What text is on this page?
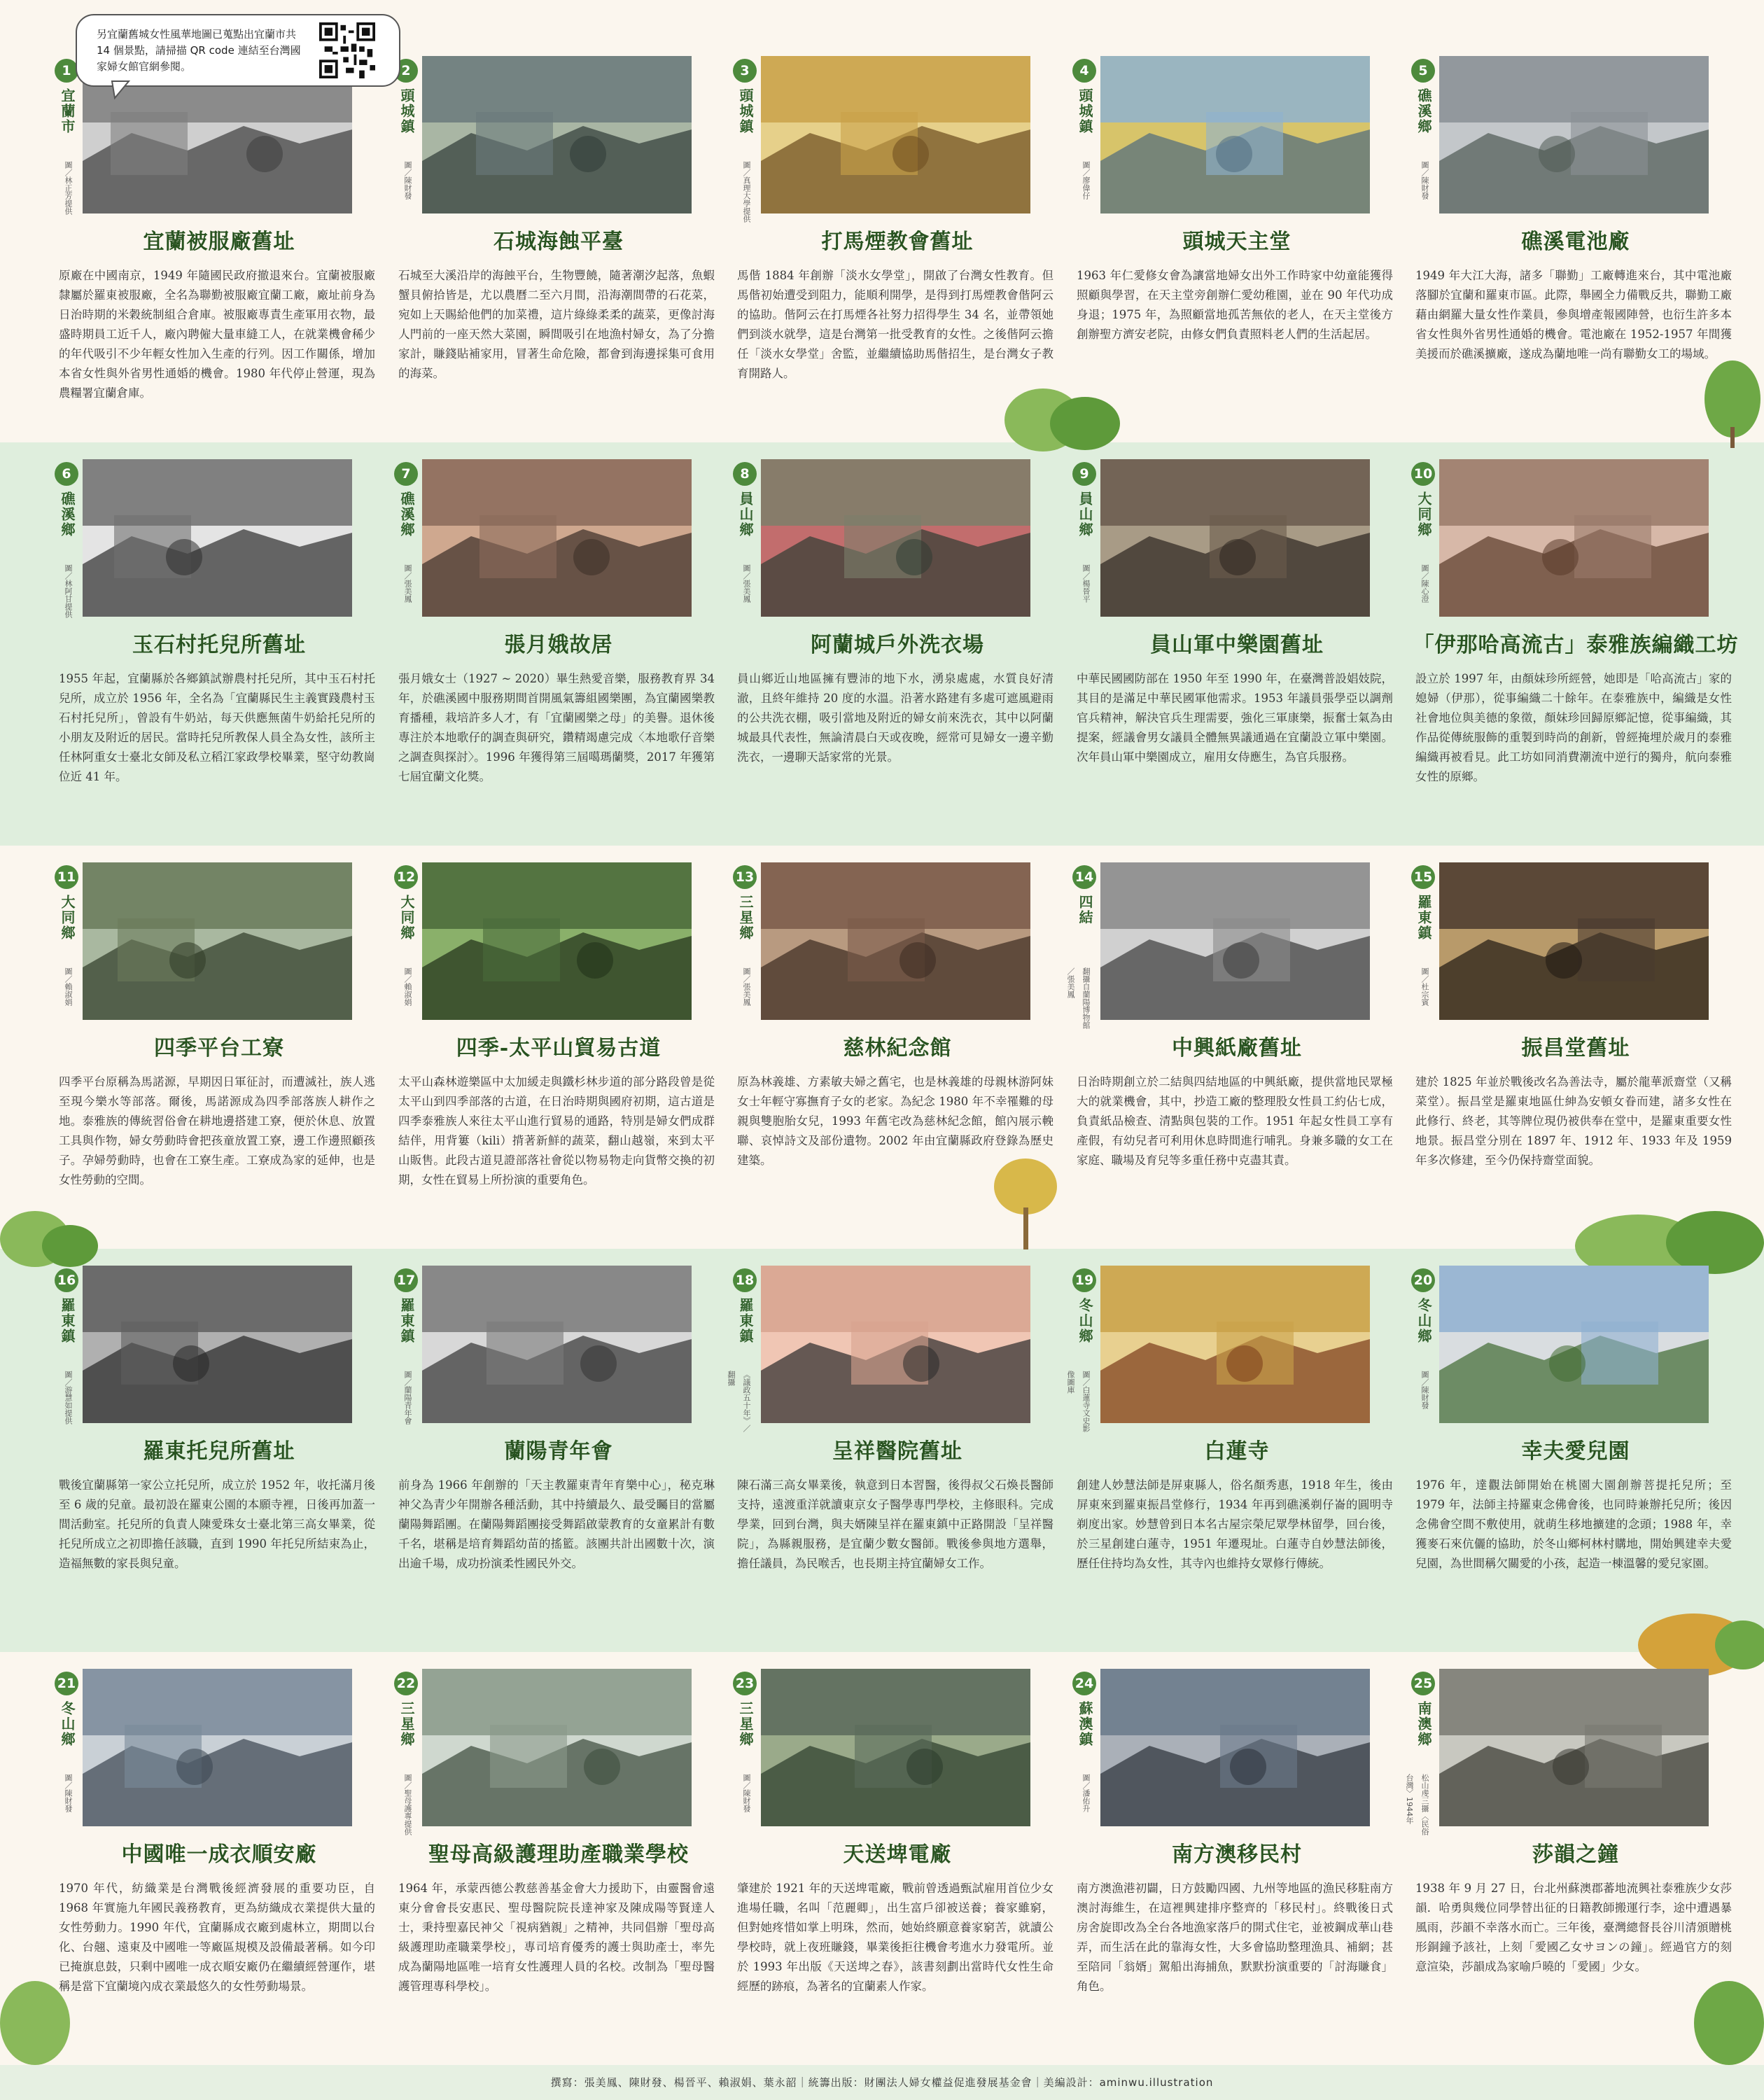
另宜蘭舊城女性風華地圖已蒐點出宜蘭市共 14 個景點，請掃描 QR code 連結至台灣國家婦女館官網參閱。
1
宜蘭市
圖／林正芳提供
宜蘭被服廠舊址
原廠在中國南京，1949 年隨國民政府撤退來台。宜蘭被服廠隸屬於羅東被服廠，全名為聯勤被服廠宜蘭工廠，廠址前身為日治時期的米穀統制組合倉庫。被服廠專責生產軍用衣物，最盛時期員工近千人，廠內聘僱大量車縫工人，在就業機會稀少的年代吸引不少年輕女性加入生產的行列。因工作關係，增加本省女性與外省男性通婚的機會。1980 年代停止營運，現為農糧署宜蘭倉庫。
2
頭城鎮
圖／陳財發
石城海蝕平臺
石城至大溪沿岸的海蝕平台，生物豐饒，隨著潮汐起落，魚蝦蟹貝俯拾皆是，尤以農曆二至六月間，沿海潮間帶的石花菜，宛如上天賜給他們的加菜禮，這片綠綠柔柔的蔬菜，更像討海人門前的一座天然大菜園，瞬間吸引在地漁村婦女，為了分擔家計，賺錢貼補家用，冒著生命危險，都會到海邊採集可食用的海菜。
3
頭城鎮
圖／真理大學提供
打馬煙教會舊址
馬偕 1884 年創辦「淡水女學堂」，開啟了台灣女性教育。但馬偕初始遭受到阻力，能順利開學，是得到打馬煙教會偕阿云的協助。偕阿云在打馬煙各社努力招得學生 34 名，並帶領她們到淡水就學，這是台灣第一批受教育的女性。之後偕阿云擔任「淡水女學堂」舍監，並繼續協助馬偕招生，是台灣女子教育開路人。
4
頭城鎮
圖／廖偉仔
頭城天主堂
1963 年仁愛修女會為讓當地婦女出外工作時家中幼童能獲得照顧與學習，在天主堂旁創辦仁愛幼稚園，並在 90 年代功成身退；1975 年，為照顧當地孤苦無依的老人，在天主堂後方創辦聖方濟安老院，由修女們負責照料老人們的生活起居。
5
礁溪鄉
圖／陳財發
礁溪電池廠
1949 年大江大海，諸多「聯勤」工廠轉進來台，其中電池廠落腳於宜蘭和羅東市區。此際，舉國全力備戰反共，聯勤工廠藉由網羅大量女性作業員，參與增產報國陣營，也衍生許多本省女性與外省男性通婚的機會。電池廠在 1952-1957 年間獲美援而於礁溪擴廠，遂成為蘭地唯一尚有聯勤女工的場域。
6
礁溪鄉
圖／林阿甘提供
玉石村托兒所舊址
1955 年起，宜蘭縣於各鄉鎮試辦農村托兒所，其中玉石村托兒所，成立於 1956 年，全名為「宜蘭縣民生主義實踐農村玉石村托兒所」，曾設有牛奶站，每天供應無菌牛奶給托兒所的小朋友及附近的居民。當時托兒所教保人員全為女性，該所主任林阿重女士臺北女師及私立稻江家政學校畢業，堅守幼教崗位近 41 年。
7
礁溪鄉
圖／張美鳳
張月娥故居
張月娥女士（1927 ~ 2020）畢生熱愛音樂，服務教育界 34 年，於礁溪國中服務期間首開風氣籌組國樂團，為宜蘭國樂教育播種，栽培許多人才，有「宜蘭國樂之母」的美譽。退休後專注於本地歌仔的調查與研究，鑽精竭慮完成〈本地歌仔音樂之調查與探討〉。1996 年獲得第三屆噶瑪蘭獎，2017 年獲第七屆宜蘭文化獎。
8
員山鄉
圖／張美鳳
阿蘭城戶外洗衣場
員山鄉近山地區擁有豐沛的地下水，湧泉處處，水質良好清澈，且終年維持 20 度的水溫。沿著水路建有多處可遮風避雨的公共洗衣棚，吸引當地及附近的婦女前來洗衣，其中以阿蘭城最具代表性，無論清晨白天或夜晚，經常可見婦女一邊辛勤洗衣，一邊聊天話家常的光景。
9
員山鄉
圖／楊晉平
員山軍中樂園舊址
中華民國國防部在 1950 年至 1990 年，在臺灣普設娼妓院，其目的是滿足中華民國軍他需求。1953 年議員張學亞以調劑官兵精神，解決官兵生理需要，強化三軍康樂，振奮士氣為由提案，經議會男女議員全體無異議通過在宜蘭設立軍中樂園。次年員山軍中樂園成立，雇用女侍應生，為官兵服務。
10
大同鄉
圖／陳心澄
「伊那哈高流古」泰雅族編織工坊
設立於 1997 年，由顏妹珍所經營，她即是「哈高流古」家的媳婦（伊那），從事編織二十餘年。在泰雅族中，編織是女性社會地位與美德的象徵，顏妹珍回歸原鄉記憶，從事編織，其作品從傳統服飾的重製到時尚的創新，曾經掩埋於歲月的泰雅編織再被看見。此工坊如同消費潮流中逆行的獨舟，航向泰雅女性的原鄉。
11
大同鄉
圖／賴淑娟
四季平台工寮
四季平台原稱為馬諾源，早期因日軍征討，而遭滅社，族人逃至現今樂水等部落。爾後，馬諾源成為四季部落族人耕作之地。泰雅族的傳統習俗會在耕地邊搭建工寮，便於休息、放置工具與作物，婦女勞動時會把孩童放置工寮，邊工作邊照顧孩子。孕婦勞動時，也會在工寮生產。工寮成為家的延伸，也是女性勞動的空間。
12
大同鄉
圖／賴淑娟
四季-太平山貿易古道
太平山森林遊樂區中太加緩走與鐵杉林步道的部分路段曾是從太平山到四季部落的古道，在日治時期與國府初期，這古道是四季泰雅族人來往太平山進行貿易的通路，特別是婦女們成群結伴，用背簍（kili）揹著新鮮的蔬菜，翻山越嶺，來到太平山販售。此段古道見證部落社會從以物易物走向貨幣交換的初期，女性在貿易上所扮演的重要角色。
13
三星鄉
圖／張美鳳
慈林紀念館
原為林義雄、方素敏夫婦之舊宅，也是林義雄的母親林游阿妹女士年輕守寡撫育子女的老家。為紀念 1980 年不幸罹難的母親與雙胞胎女兒，1993 年舊宅改為慈林紀念館，館內展示輓聯、哀悼詩文及部份遺物。2002 年由宜蘭縣政府登錄為歷史建築。
14
四結
翻攝自蘭陽博物館／張美鳳
中興紙廠舊址
日治時期創立於二結與四結地區的中興紙廠，提供當地民眾極大的就業機會，其中，抄造工廠的整理股女性員工約佔七成，負責紙品檢查、清點與包裝的工作。1951 年起女性員工享有產假，有幼兒者可利用休息時間進行哺乳。身兼多職的女工在家庭、職場及育兒等多重任務中克盡其責。
15
羅東鎮
圖／杜宗賓
振昌堂舊址
建於 1825 年並於戰後改名為善法寺，屬於龍華派齋堂（又稱菜堂）。振昌堂是羅東地區仕紳為安頓女眷而建，諸多女性在此修行、終老，其等牌位現仍被供奉在堂中，是羅東重要女性地景。振昌堂分別在 1897 年、1912 年、1933 年及 1959 年多次修建，至今仍保持齋堂面貌。
16
羅東鎮
圖／游慧如提供
羅東托兒所舊址
戰後宜蘭縣第一家公立托兒所，成立於 1952 年，收托滿月後至 6 歲的兒童。最初設在羅東公園的本願寺裡，日後再加蓋一間活動室。托兒所的負責人陳愛珠女士臺北第三高女畢業，從托兒所成立之初即擔任該職，直到 1990 年托兒所結束為止，造福無數的家長與兒童。
17
羅東鎮
圖／蘭陽青年會
蘭陽青年會
前身為 1966 年創辦的「天主教羅東青年育樂中心」，秘克琳神父為青少年開辦各種活動，其中持續最久、最受矚目的當屬蘭陽舞蹈團。在蘭陽舞蹈團接受舞蹈啟蒙教育的女童累計有數千名，堪稱是培育舞蹈幼苗的搖籃。該團共計出國數十次，演出逾千場，成功扮演柔性國民外交。
18
羅東鎮
《議政五十年》／翻攝
呈祥醫院舊址
陳石滿三高女畢業後，執意到日本習醫，後得叔父石煥長醫師支持，遠渡重洋就讀東京女子醫學專門學校，主修眼科。完成學業，回到台灣，與夫婿陳呈祥在羅東鎮中正路開設「呈祥醫院」，為縣親服務，是宜蘭少數女醫師。戰後參與地方選舉，擔任議員，為民喉舌，也長期主持宜蘭婦女工作。
19
冬山鄉
圖／白蓮寺文史影像圖庫
白蓮寺
創建人妙慧法師是屏東縣人，俗名顏秀惠，1918 年生，後由屏東來到羅東振昌堂修行，1934 年再到礁溪剃仔崙的圓明寺剃度出家。妙慧曾到日本名古屋宗榮尼眾學林留學，回台後，於三星創建白蓮寺，1951 年遷現址。白蓮寺自妙慧法師後，歷任住持均為女性，其寺內也維持女眾修行傳統。
20
冬山鄉
圖／陳財發
幸夫愛兒園
1976 年，達觀法師開始在桃園大園創辦菩提托兒所；至 1979 年，法師主持羅東念佛會後，也同時兼辦托兒所；後因念佛會空間不敷使用，就萌生移地擴建的念頭；1988 年，幸獲麥石來伉儷的協助，於冬山鄉柯林村購地，開始興建幸夫愛兒園，為世間稱欠關愛的小孩，起造一棟溫馨的愛兒家園。
21
冬山鄉
圖／陳財發
中國唯一成衣順安廠
1970 年代，紡織業是台灣戰後經濟發展的重要功臣，自 1968 年實施九年國民義務教育，更為紡織成衣業提供大量的女性勞動力。1990 年代，宜蘭縣成衣廠到處林立，期間以台化、台翹、遠東及中國唯一等廠區規模及設備最著稱。如今印已掩旗息鼓，只剩中國唯一成衣順安廠仍在繼續經營運作，堪稱是當下宜蘭境內成衣業最悠久的女性勞動場景。
22
三星鄉
圖／聖母護專提供
聖母高級護理助產職業學校
1964 年，承蒙西德公教慈善基金會大力援助下，由靈醫會遠東分會會長安惠民、聖母醫院院長達神家及陳成陽等賢達人士，秉持聖嘉民神父「視病猶親」之精神，共同倡辦「聖母高級護理助產職業學校」，專司培育優秀的護士與助產士，率先成為蘭陽地區唯一培育女性護理人員的名校。改制為「聖母醫護管理專科學校」。
23
三星鄉
圖／陳財發
天送埤電廠
肇建於 1921 年的天送埤電廠，戰前曾透過甄試雇用首位少女進場任職，名叫「范麗卿」，出生富戶卻被送養；養家雖窮，但對她疼惜如掌上明珠，然而，她始終願意養家窮苦，就讀公學校時，就上夜班賺錢，畢業後拒往機會考進水力發電所。並於 1993 年出版《天送埤之春》，該書刻劃出當時代女性生命經歷的跡痕，為著名的宜蘭素人作家。
24
蘇澳鎮
圖／潘佑升
南方澳移民村
南方澳漁港初闢，日方鼓勵四國、九州等地區的漁民移駐南方澳討海維生，在這裡興建排序整齊的「移民村」。終戰後日式房舍旋即改為全台各地漁家落戶的開式住宅，並被鋼成華山巷弄，而生活在此的靠海女性，大多會協助整理漁具、補網；甚至陪同「翁婿」駕船出海捕魚，默默扮演重要的「討海賺食」角色。
25
南澳鄉
松山虔三攝〈民俗台灣〉1944年
莎韻之鐘
1938 年 9 月 27 日，台北州蘇澳郡蕃地流興社泰雅族少女莎韻．哈勇與幾位同學替出征的日籍教師搬運行李，途中遭遇暴風雨，莎韻不幸落水而亡。三年後，臺灣總督長谷川清頒贈桃形銅鐘予該社，上刻「愛國乙女サヨンの鐘」。經過官方的刻意渲染，莎韻成為家喻戶曉的「愛國」少女。
撰寫：張美鳳、陳財發、楊晉平、賴淑娟、葉永韶｜統籌出版：財團法人婦女權益促進發展基金會｜美編設計：aminwu.illustration
